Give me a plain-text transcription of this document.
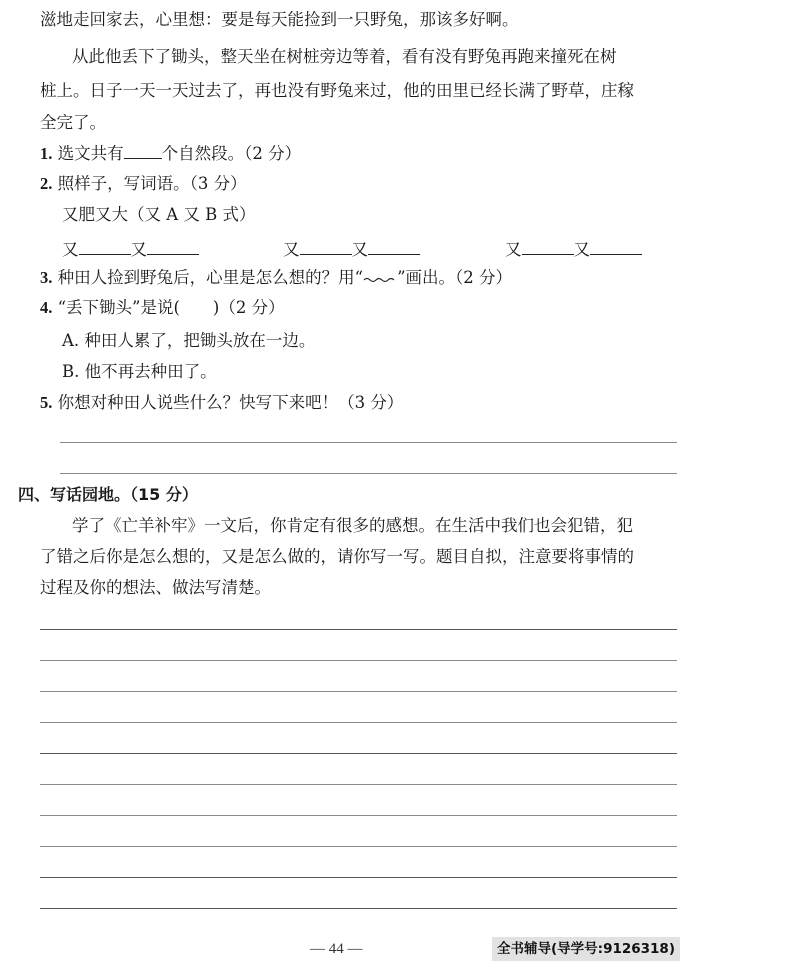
滋地走回家去，心里想：要是每天能捡到一只野兔，那该多好啊。
从此他丢下了锄头，整天坐在树桩旁边等着，看有没有野兔再跑来撞死在树
桩上。日子一天一天过去了，再也没有野兔来过，他的田里已经长满了野草，庄稼
全完了。
1. 选文共有 个自然段。（2 分）
2. 照样子，写词语。（3 分）
又肥又大（又 A 又 B 式）
又	又	又	又	又	又
3. 种田人捡到野兔后，心里是怎么想的？用“ ”画出。（2 分）
4. “丢下锄头”是说(　　)（2 分）
A. 种田人累了，把锄头放在一边。
B. 他不再去种田了。
5. 你想对种田人说些什么？快写下来吧！（3 分）
四、写话园地。（15 分）
学了《亡羊补牢》一文后，你肯定有很多的感想。在生活中我们也会犯错，犯
了错之后你是怎么想的，又是怎么做的，请你写一写。题目自拟，注意要将事情的
过程及你的想法、做法写清楚。
— 44 —	全书辅导(导学号:9126318)
